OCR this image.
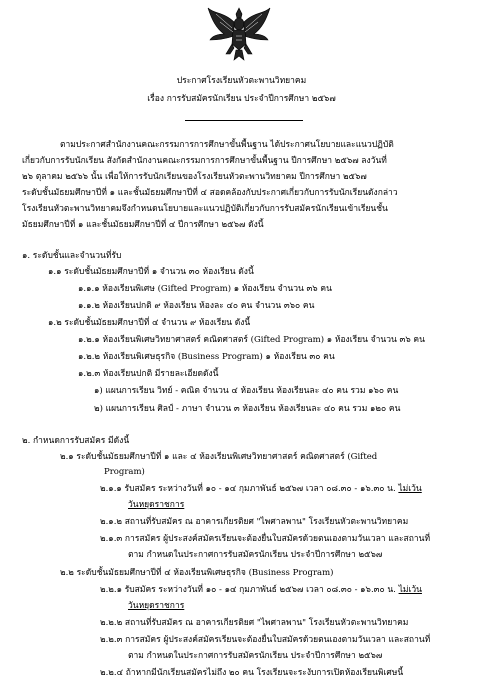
ประกาศโรงเรียนหัวตะพานวิทยาคม
เรื่อง การรับสมัครนักเรียน ประจำปีการศึกษา ๒๕๖๗
ตามประกาศสำนักงานคณะกรรมการการศึกษาขั้นพื้นฐาน ได้ประกาศนโยบายและแนวปฏิบัติ
เกี่ยวกับการรับนักเรียน สังกัดสำนักงานคณะกรรมการการศึกษาขั้นพื้นฐาน ปีการศึกษา ๒๕๖๗ ลงวันที่
๒๖ ตุลาคม ๒๕๖๖ นั้น เพื่อให้การรับนักเรียนของโรงเรียนหัวตะพานวิทยาคม ปีการศึกษา ๒๕๖๗
ระดับชั้นมัธยมศึกษาปีที่ ๑ และชั้นมัธยมศึกษาปีที่ ๔ สอดคล้องกับประกาศเกี่ยวกับการรับนักเรียนดังกล่าว
โรงเรียนหัวตะพานวิทยาคมจึงกำหนดนโยบายและแนวปฏิบัติเกี่ยวกับการรับสมัครนักเรียนเข้าเรียนชั้น
มัธยมศึกษาปีที่ ๑ และชั้นมัธยมศึกษาปีที่ ๔ ปีการศึกษา ๒๕๖๗ ดังนี้
๑. ระดับชั้นและจำนวนที่รับ
๑.๑ ระดับชั้นมัธยมศึกษาปีที่ ๑ จำนวน ๓๐ ห้องเรียน ดังนี้
๑.๑.๑ ห้องเรียนพิเศษ (Gifted Program) ๑ ห้องเรียน จำนวน ๓๖ คน
๑.๑.๒ ห้องเรียนปกติ ๙ ห้องเรียน ห้องละ ๔๐ คน จำนวน ๓๖๐ คน
๑.๒ ระดับชั้นมัธยมศึกษาปีที่ ๔ จำนวน ๙ ห้องเรียน ดังนี้
๑.๒.๑ ห้องเรียนพิเศษวิทยาศาสตร์ คณิตศาสตร์ (Gifted Program) ๑ ห้องเรียน จำนวน ๓๖ คน
๑.๒.๒ ห้องเรียนพิเศษธุรกิจ (Business Program) ๑ ห้องเรียน ๓๐ คน
๑.๒.๓ ห้องเรียนปกติ มีรายละเอียดดังนี้
๑) แผนการเรียน วิทย์ - คณิต จำนวน ๔ ห้องเรียน ห้องเรียนละ ๔๐ คน รวม ๑๖๐ คน
๒) แผนการเรียน ศิลป์ - ภาษา จำนวน ๓ ห้องเรียน ห้องเรียนละ ๔๐ คน รวม ๑๒๐ คน
๒. กำหนดการรับสมัคร มีดังนี้
๒.๑ ระดับชั้นมัธยมศึกษาปีที่ ๑ และ ๔ ห้องเรียนพิเศษวิทยาศาสตร์ คณิตศาสตร์ (Gifted
Program)
๒.๑.๑ รับสมัคร ระหว่างวันที่ ๑๐ - ๑๔ กุมภาพันธ์ ๒๕๖๗ เวลา ๐๘.๓๐ - ๑๖.๓๐ น. ไม่เว้น
วันหยุดราชการ
๒.๑.๒ สถานที่รับสมัคร ณ อาคารเกียรติยศ "ไพศาลพาน" โรงเรียนหัวตะพานวิทยาคม
๒.๑.๓ การสมัคร ผู้ประสงค์สมัครเรียนจะต้องยื่นใบสมัครด้วยตนเองตามวันเวลา และสถานที่
ตาม กำหนดในประกาศการรับสมัครนักเรียน ประจำปีการศึกษา ๒๕๖๗
๒.๒ ระดับชั้นมัธยมศึกษาปีที่ ๔ ห้องเรียนพิเศษธุรกิจ (Business Program)
๒.๒.๑ รับสมัคร ระหว่างวันที่ ๑๐ - ๑๔ กุมภาพันธ์ ๒๕๖๗ เวลา ๐๘.๓๐ - ๑๖.๓๐ น. ไม่เว้น
วันหยุดราชการ
๒.๒.๒ สถานที่รับสมัคร ณ อาคารเกียรติยศ "ไพศาลพาน" โรงเรียนหัวตะพานวิทยาคม
๒.๒.๓ การสมัคร ผู้ประสงค์สมัครเรียนจะต้องยื่นใบสมัครด้วยตนเองตามวันเวลา และสถานที่
ตาม กำหนดในประกาศการรับสมัครนักเรียน ประจำปีการศึกษา ๒๕๖๗
๒.๒.๔ ถ้าหากมีนักเรียนสมัครไม่ถึง ๒๐ คน โรงเรียนจะระงับการเปิดห้องเรียนพิเศษนี้
